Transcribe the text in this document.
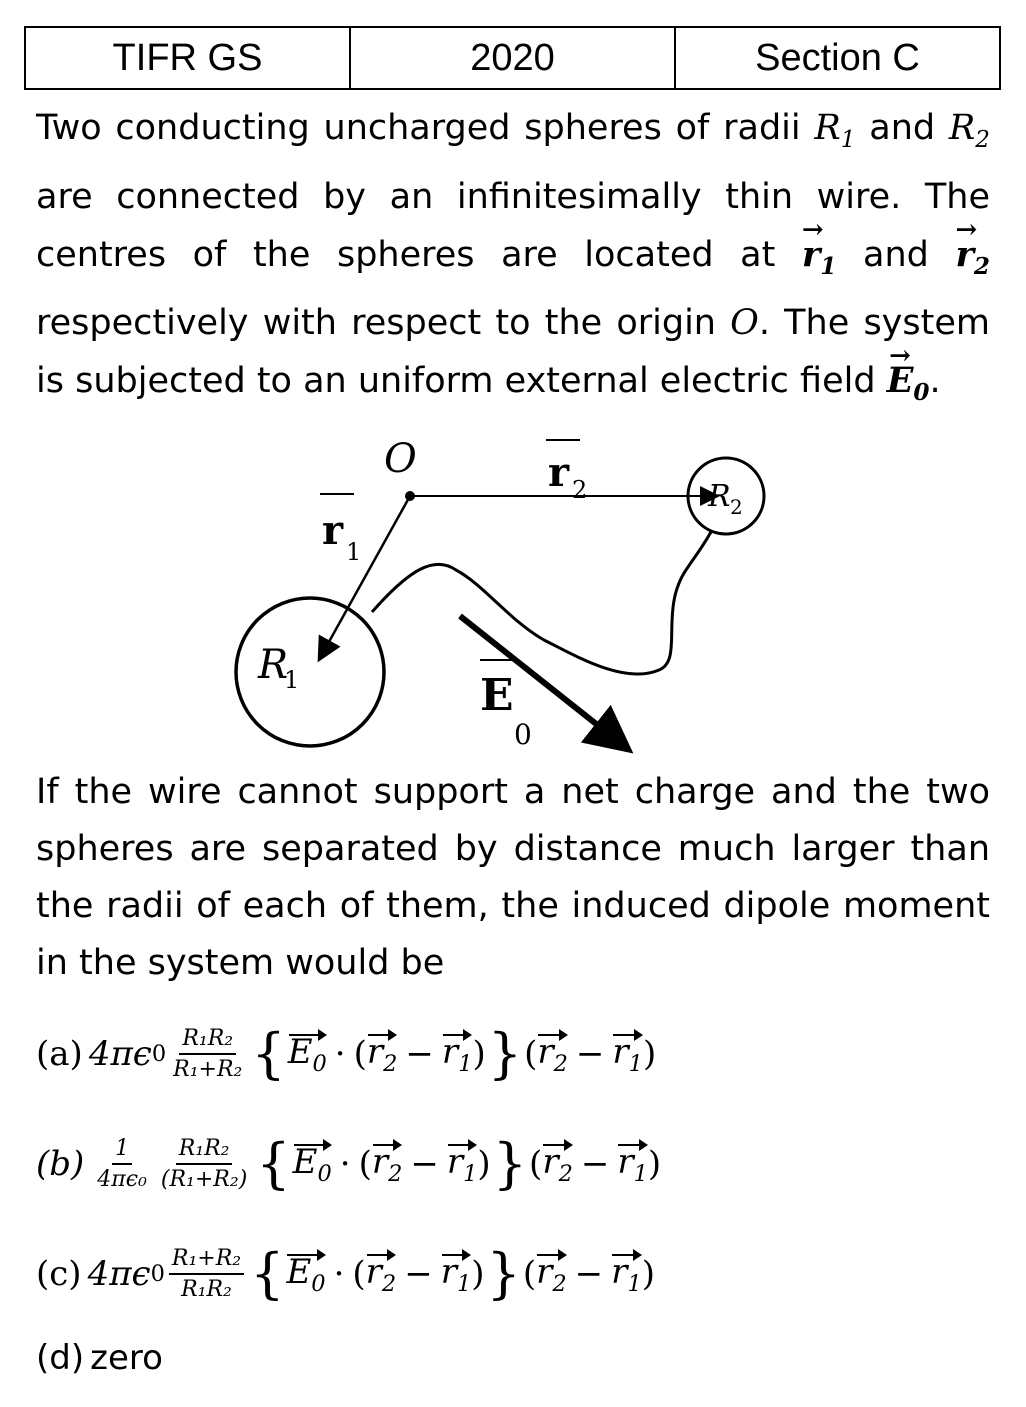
TIFR GS	2020	Section C

Two conducting uncharged spheres of radii $R_1$ and $R_2$ are connected by an infinitesimally thin wire. The centres of the spheres are located at → $r_1$ and → $r_2$ respectively with respect to the origin O. The system is subjected to an uniform external electric field → $E_0$.

O	r 2
r 1
R
1
R 2
E
0

If the wire cannot support a net charge and the two spheres are separated by distance much larger than the radii of each of them, the induced dipole moment in the system would be

(a) 4πϵ $0 \frac{\text{R₁R₂}}{\text{R₁+R₂}}$ { $E_0$ · ( $r_2 - r_1$ ) } ( $r_2 - r_1$ )
$(b) \frac{1}{\text{4πϵ₀}} \frac{\text{R₁R₂}}{\text{(R₁+R₂)}}$ { $E_0$ · ( $r_2 - r_1$ ) } ( $r_2 - r_1$ )
(c) 4πϵ $0 \frac{\text{R₁+R₂}}{\text{R₁R₂}}$ { $E_0$ · ( $r_2 - r_1$ ) } ( $r_2 - r_1$ )
(d) zero
